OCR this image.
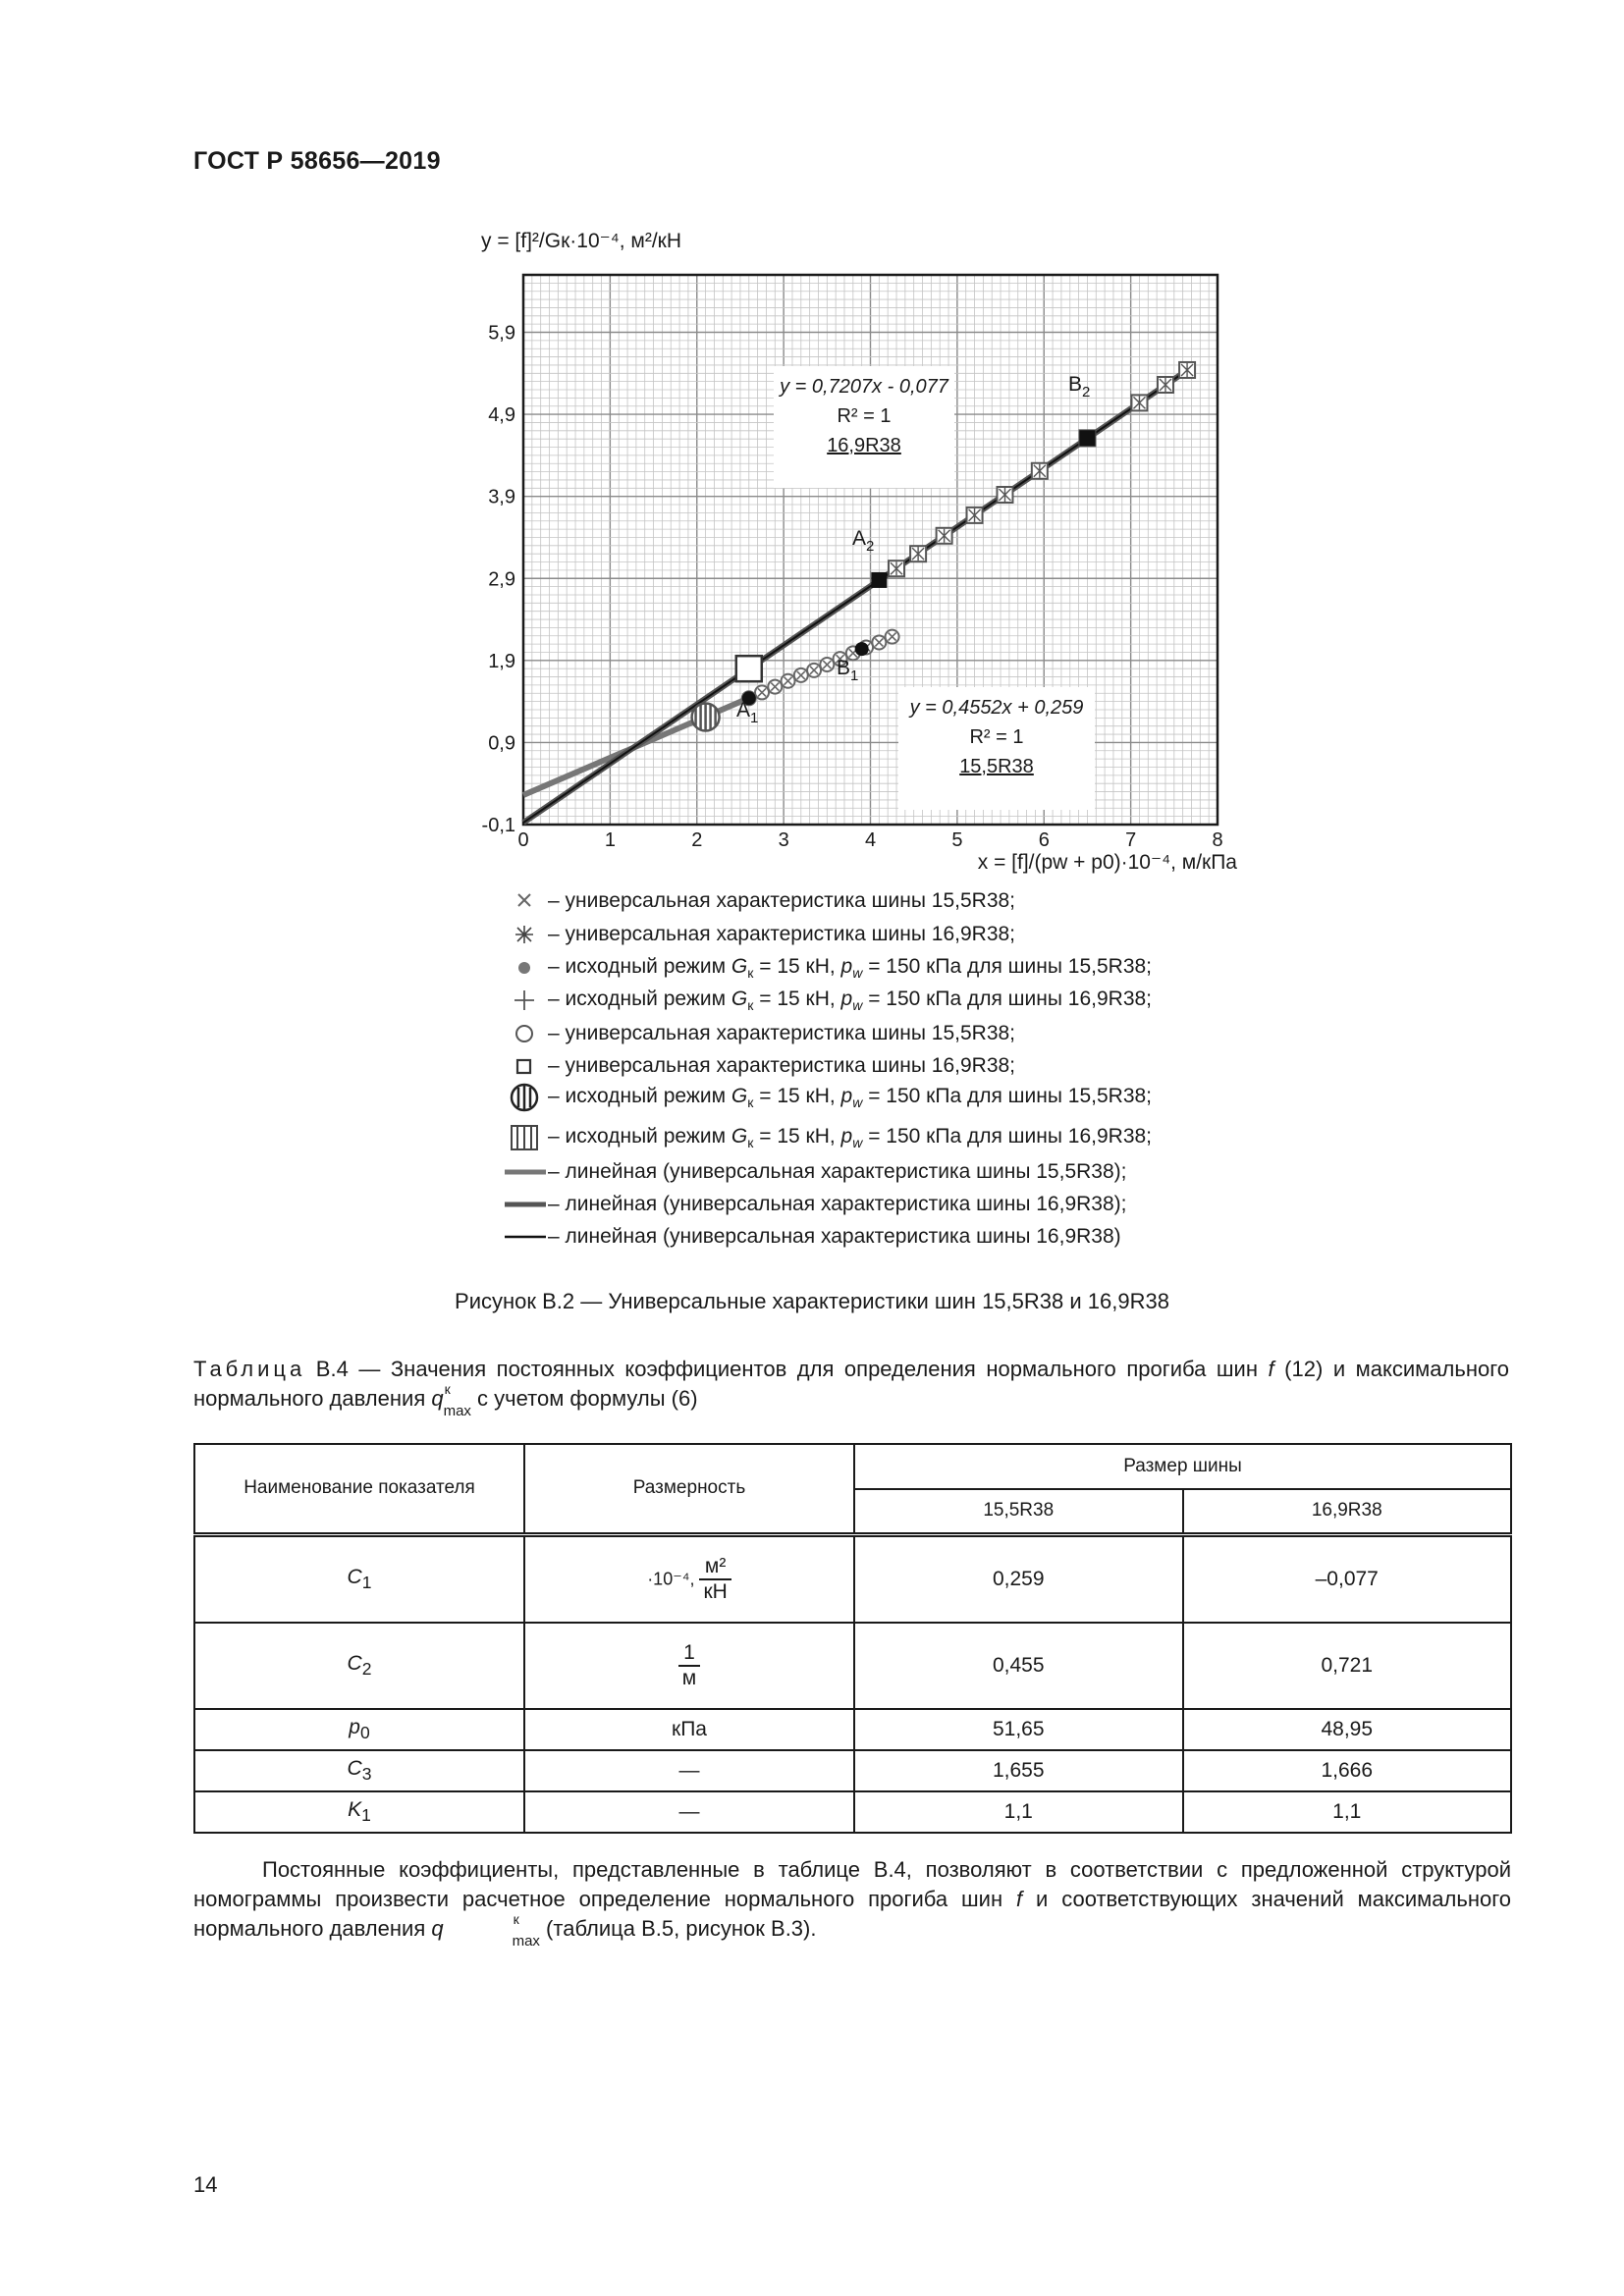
ГОСТ Р 58656—2019
y = [f]²/Gк·10⁻⁴, м²/кН
0	1	2	3	4	5	6	7	8
-0,1
0,9
1,9
2,9
3,9
4,9
5,9
y = 0,7207x - 0,077
R² = 1
16,9R38
y = 0,4552x + 0,259
R² = 1
15,5R38
$A_1$
$B_1$
$A_2$
$B_2$
x = [f]/(pw + p0)·10⁻⁴, м/кПа
– универсальная характеристика шины 15,5R38;
– универсальная характеристика шины 16,9R38;
– исходный режим $G_к = 15$ кН, $p_w = 150$ кПа для шины 15,5R38;
– исходный режим $G_к = 15$ кН, $p_w = 150$ кПа для шины 16,9R38;
– универсальная характеристика шины 15,5R38;
– универсальная характеристика шины 16,9R38;
– исходный режим $G_к = 15$ кН, $p_w = 150$ кПа для шины 15,5R38;
– исходный режим $G_к = 15$ кН, $p_w = 150$ кПа для шины 16,9R38;
– линейная (универсальная характеристика шины 15,5R38);
– линейная (универсальная характеристика шины 16,9R38);
– линейная (универсальная характеристика шины 16,9R38)
Рисунок В.2 — Универсальные характеристики шин 15,5R38 и 16,9R38
Таблица В.4 — Значения постоянных коэффициентов для определения нормального прогиба шин f (12) и максимального нормального давления q к
$_{max}$ с учетом формулы (6)
Наименование показателя	Размерность	Размер шины	
		15,5R38	16,9R38
$C_1$	·10⁻⁴, $\frac{\text{м²}}{кН}$	0,259	–0,077
$C_2$	$\frac{1}{м}$	0,455	0,721
$p_0$	кПа	51,65	48,95
$C_3$	—	1,655	1,666
$K_1$	—	1,1	1,1
Постоянные коэффициенты, представленные в таблице В.4, позволяют в соответствии с предложенной структурой номограммы произвести расчетное определение нормального прогиба шин f и соответствующих значений максимального нормального давления q	к
$_{max}$ (таблица В.5, рисунок В.3).
14
